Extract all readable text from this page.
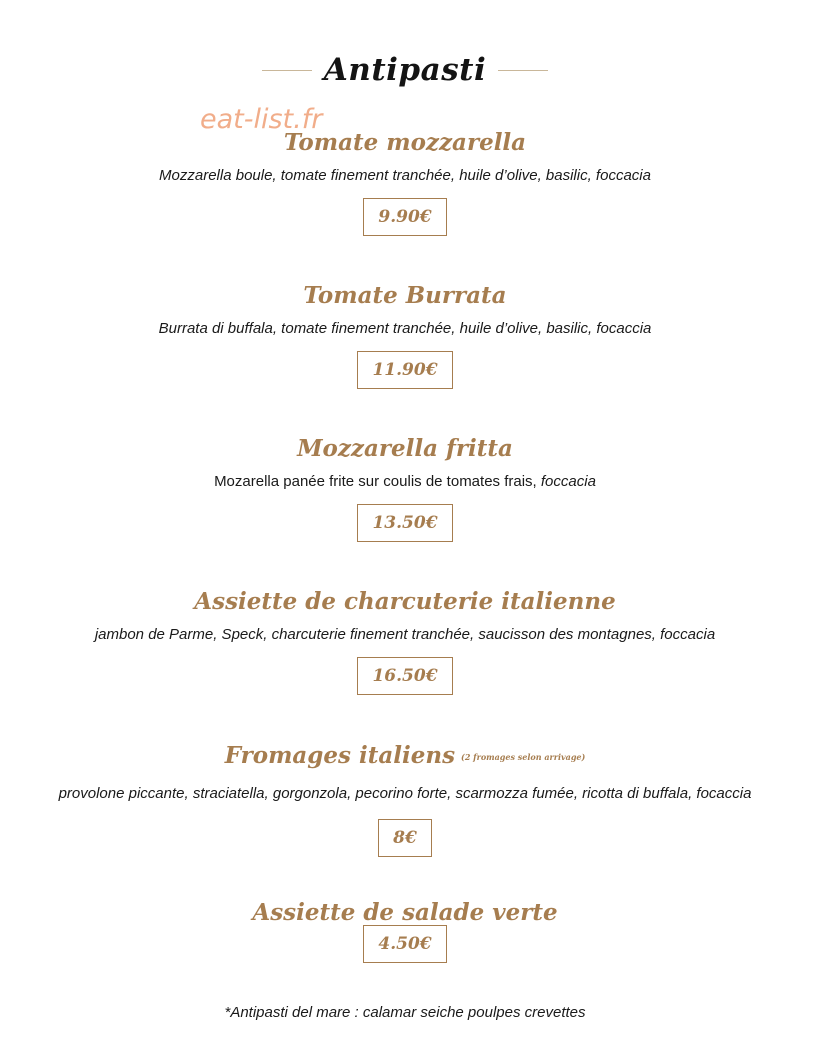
Antipasti
eat-list.fr
Tomate mozzarella
Mozzarella boule, tomate finement tranchée, huile d’olive, basilic, foccacia
9.90€
Tomate Burrata
Burrata di buffala, tomate finement tranchée, huile d’olive, basilic, focaccia
11.90€
Mozzarella fritta
Mozarella panée frite sur coulis de tomates frais, foccacia
13.50€
Assiette de charcuterie italienne
jambon de Parme, Speck, charcuterie finement tranchée, saucisson des montagnes, foccacia
16.50€
Fromages italiens (2 fromages selon arrivage)
provolone piccante, straciatella, gorgonzola, pecorino forte, scarmozza fumée, ricotta di buffala, focaccia
8€
Assiette de salade verte
4.50€
*Antipasti del mare : calamar seiche poulpes crevettes
